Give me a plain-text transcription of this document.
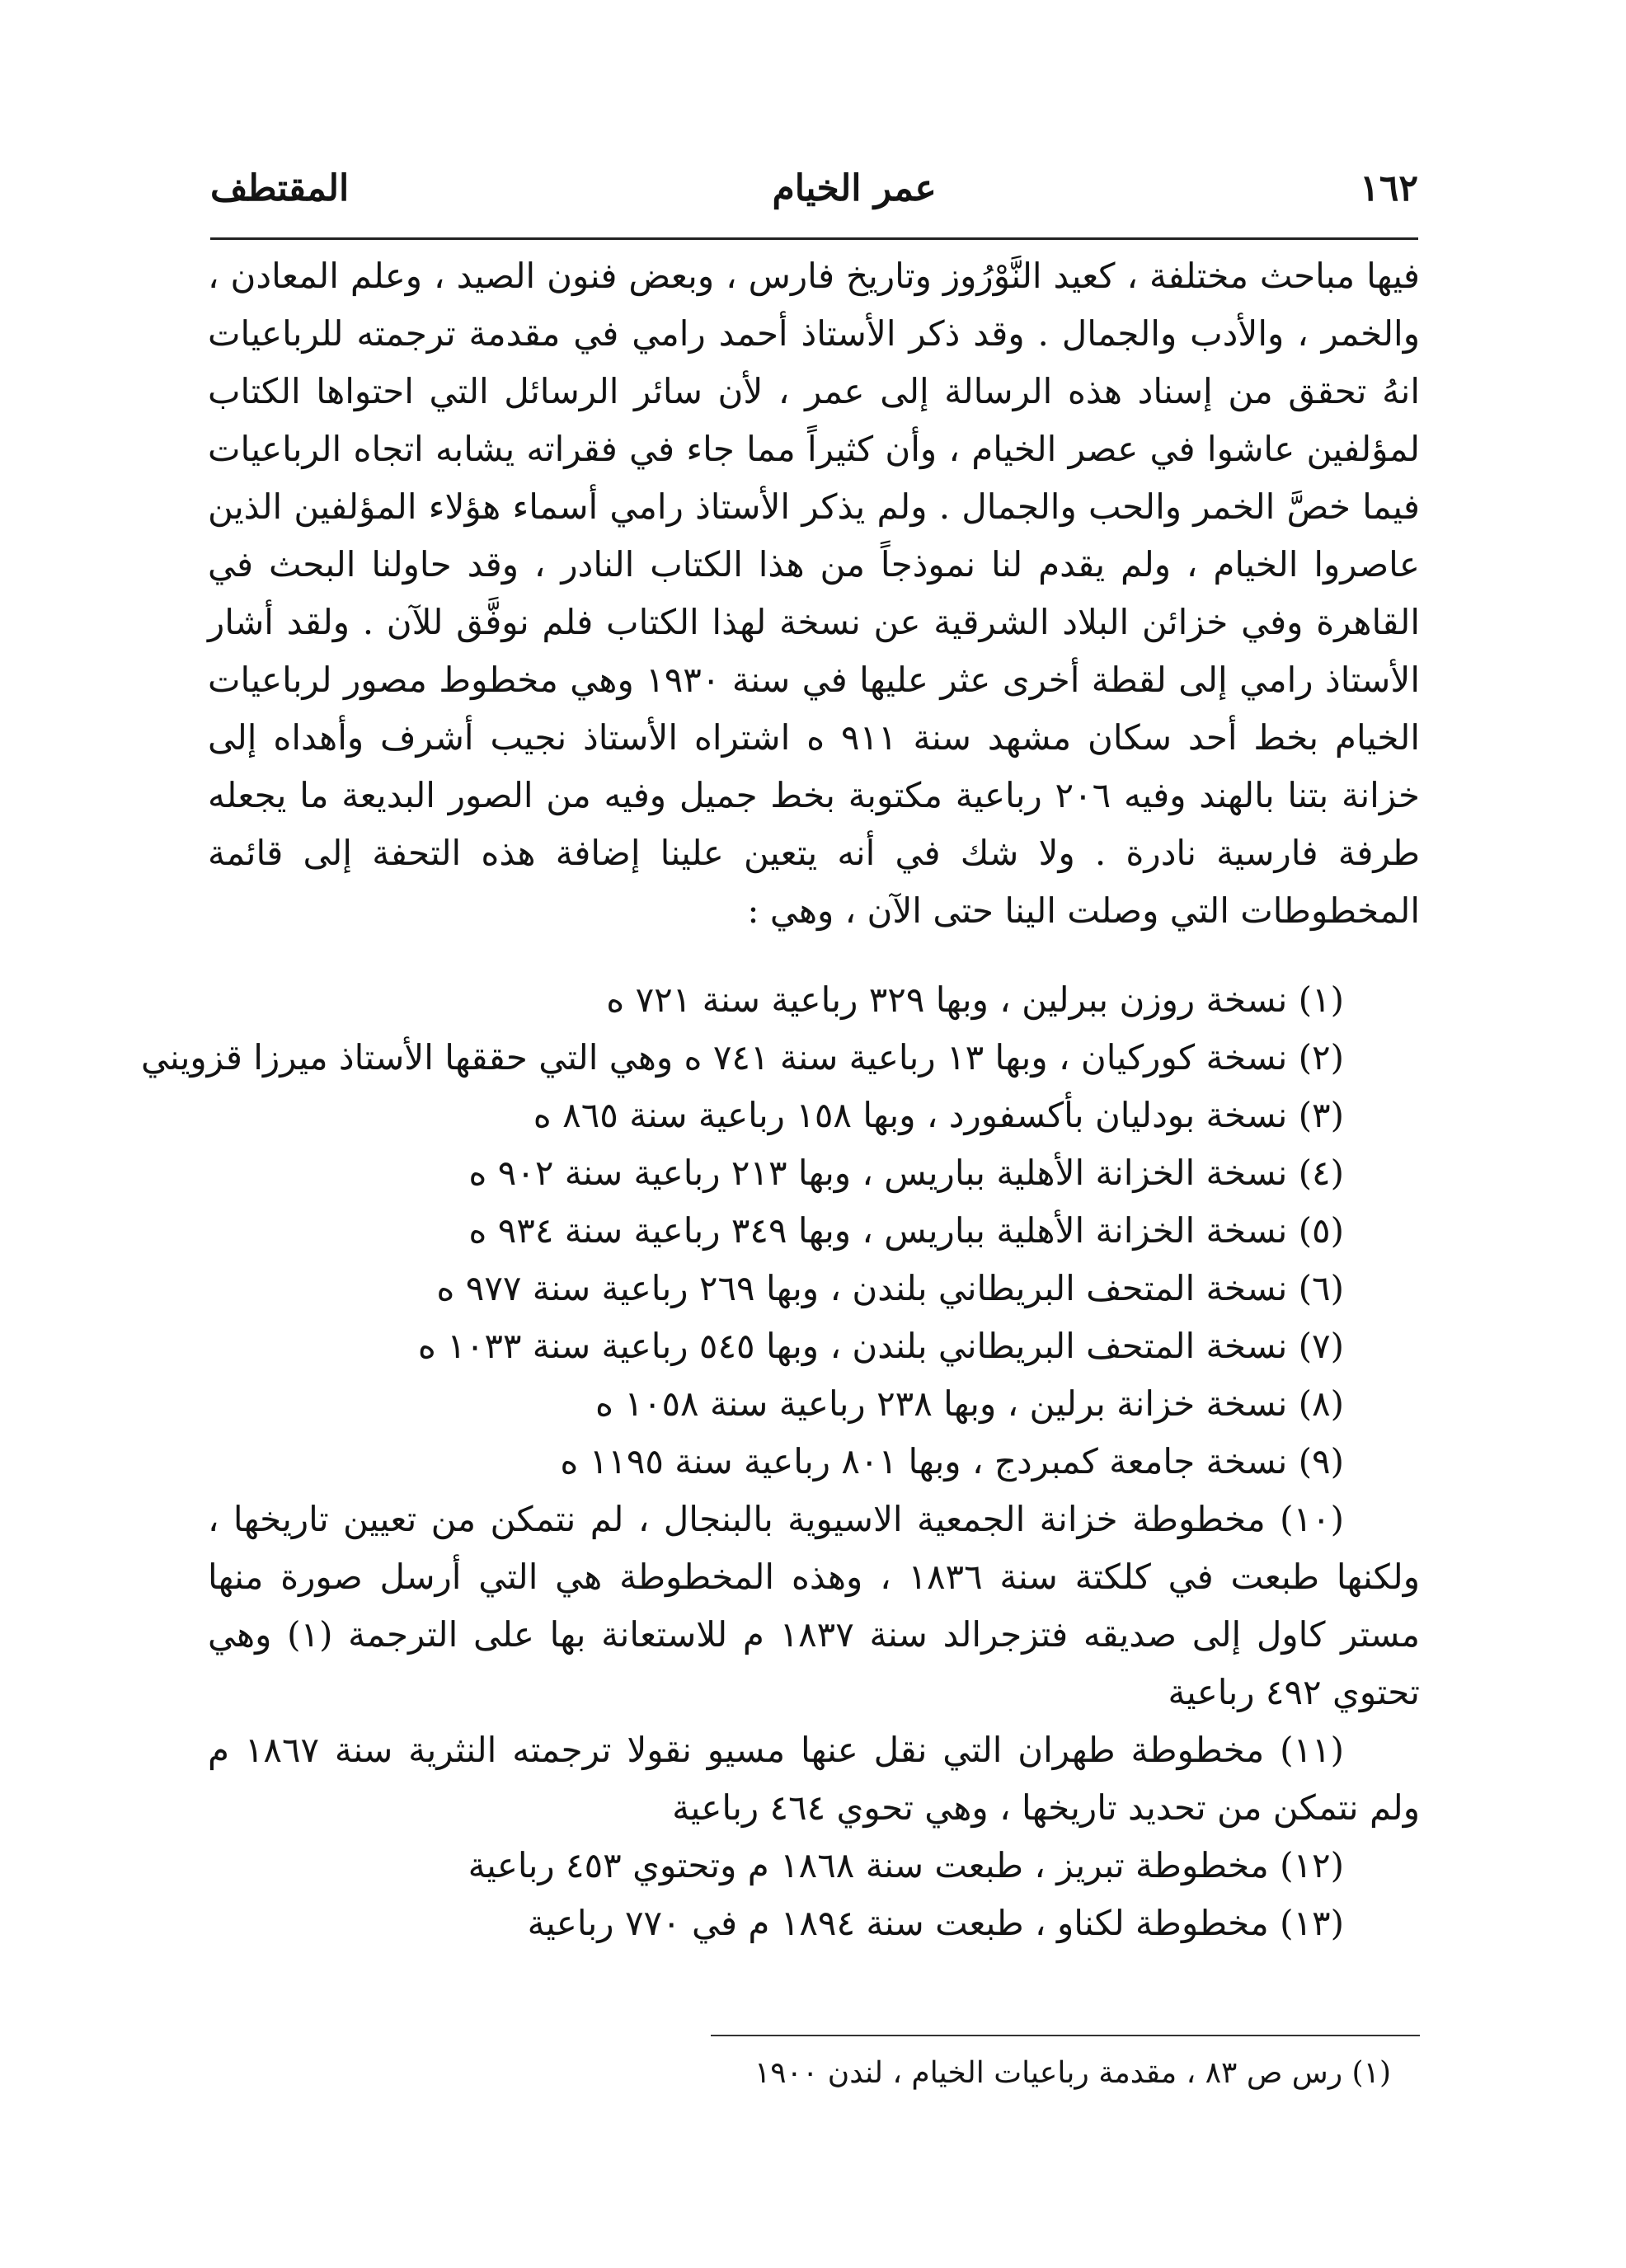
١٦٢
عمر الخيام
المقتطف

فيها مباحث مختلفة ، كعيد النَّوْرُوز وتاريخ فارس ، وبعض فنون الصيد ، وعلم المعادن ، والخمر ، والأدب والجمال . وقد ذكر الأستاذ أحمد رامي في مقدمة ترجمته للرباعيات انهُ تحقق من إسناد هذه الرسالة إلى عمر ، لأن سائر الرسائل التي احتواها الكتاب لمؤلفين عاشوا في عصر الخيام ، وأن كثيراً مما جاء في فقراته يشابه اتجاه الرباعيات فيما خصَّ الخمر والحب والجمال . ولم يذكر الأستاذ رامي أسماء هؤلاء المؤلفين الذين عاصروا الخيام ، ولم يقدم لنا نموذجاً من هذا الكتاب النادر ، وقد حاولنا البحث في القاهرة وفي خزائن البلاد الشرقية عن نسخة لهذا الكتاب فلم نوفَّق للآن . ولقد أشار الأستاذ رامي إلى لقطة أخرى عثر عليها في سنة ١٩٣٠ وهي مخطوط مصور لرباعيات الخيام بخط أحد سكان مشهد سنة ٩١١ ه اشتراه الأستاذ نجيب أشرف وأهداه إلى خزانة بتنا بالهند وفيه ٢٠٦ رباعية مكتوبة بخط جميل وفيه من الصور البديعة ما يجعله طرفة فارسية نادرة . ولا شك في أنه يتعين علينا إضافة هذه التحفة إلى قائمة المخطوطات التي وصلت الينا حتى الآن ، وهي :

(١) نسخة روزن ببرلين ، وبها ٣٢٩ رباعية سنة ٧٢١ ه
(٢) نسخة كوركيان ، وبها ١٣ رباعية سنة ٧٤١ ه وهي التي حققها الأستاذ ميرزا قزويني
(٣) نسخة بودليان بأكسفورد ، وبها ١٥٨ رباعية سنة ٨٦٥ ه
(٤) نسخة الخزانة الأهلية بباريس ، وبها ٢١٣ رباعية سنة ٩٠٢ ه
(٥) نسخة الخزانة الأهلية بباريس ، وبها ٣٤٩ رباعية سنة ٩٣٤ ه
(٦) نسخة المتحف البريطاني بلندن ، وبها ٢٦٩ رباعية سنة ٩٧٧ ه
(٧) نسخة المتحف البريطاني بلندن ، وبها ٥٤٥ رباعية سنة ١٠٣٣ ه
(٨) نسخة خزانة برلين ، وبها ٢٣٨ رباعية سنة ١٠٥٨ ه
(٩) نسخة جامعة كمبردج ، وبها ٨٠١ رباعية سنة ١١٩٥ ه
(١٠) مخطوطة خزانة الجمعية الاسيوية بالبنجال ، لم نتمكن من تعيين تاريخها ، ولكنها طبعت في كلكتة سنة ١٨٣٦ ، وهذه المخطوطة هي التي أرسل صورة منها مستر كاول إلى صديقه فتزجرالد سنة ١٨٣٧ م للاستعانة بها على الترجمة (١) وهي تحتوي ٤٩٢ رباعية
(١١) مخطوطة طهران التي نقل عنها مسيو نقولا ترجمته النثرية سنة ١٨٦٧ م ولم نتمكن من تحديد تاريخها ، وهي تحوي ٤٦٤ رباعية
(١٢) مخطوطة تبريز ، طبعت سنة ١٨٦٨ م وتحتوي ٤٥٣ رباعية
(١٣) مخطوطة لكناو ، طبعت سنة ١٨٩٤ م في ٧٧٠ رباعية
(١) رس ص ٨٣ ، مقدمة رباعيات الخيام ، لندن ١٩٠٠
